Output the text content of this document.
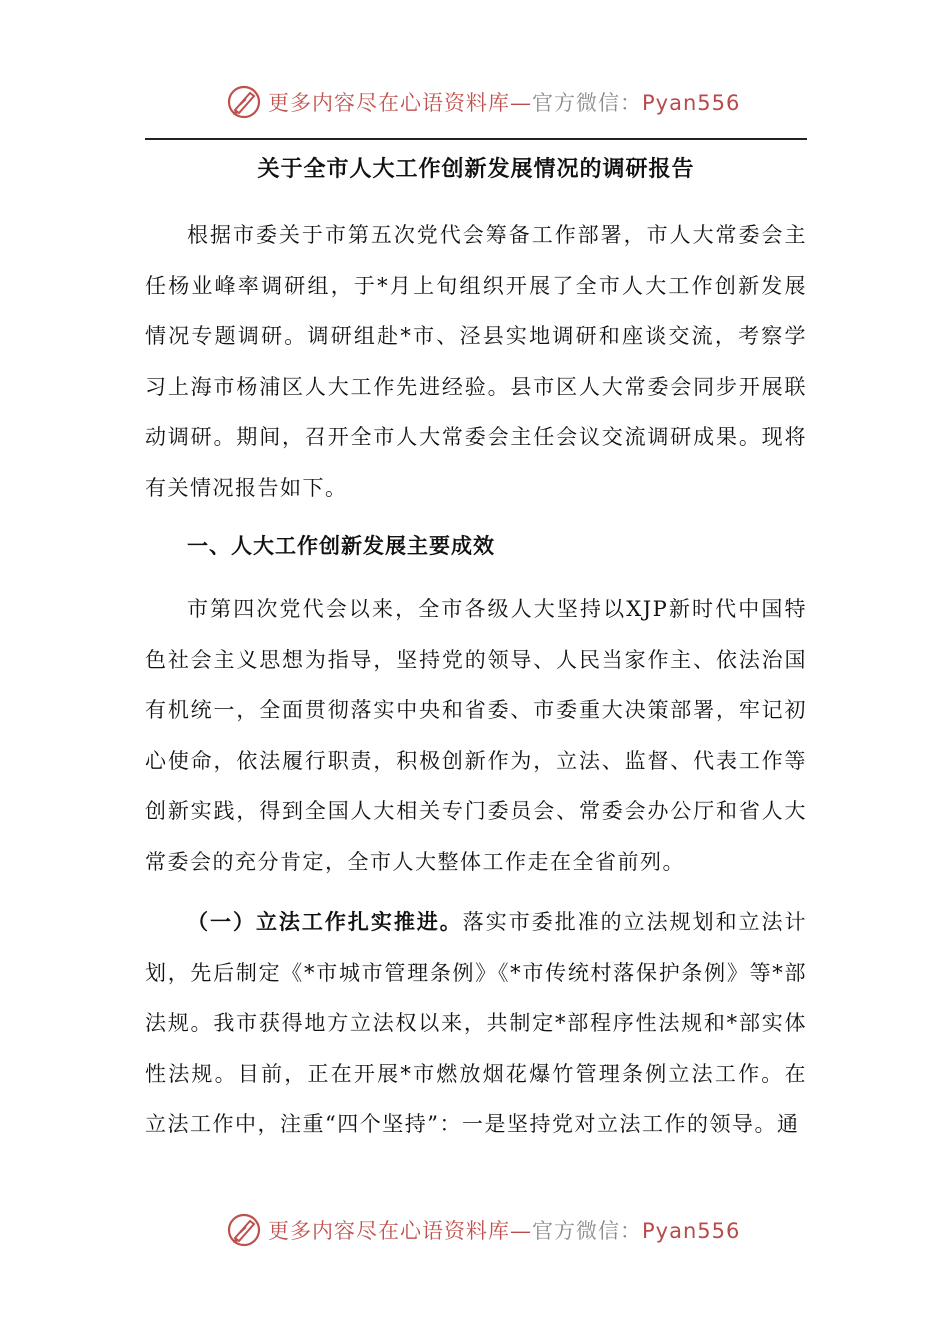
更多内容尽在心语资料库—官方微信：Pyan556
关于全市人大工作创新发展情况的调研报告

根据市委关于市第五次党代会筹备工作部署，市人大常委会主任杨业峰率调研组，于*月上旬组织开展了全市人大工作创新发展情况专题调研。调研组赴*市、泾县实地调研和座谈交流，考察学习上海市杨浦区人大工作先进经验。县市区人大常委会同步开展联动调研。期间，召开全市人大常委会主任会议交流调研成果。现将有关情况报告如下。

一、人大工作创新发展主要成效

市第四次党代会以来，全市各级人大坚持以XJP新时代中国特色社会主义思想为指导，坚持党的领导、人民当家作主、依法治国有机统一，全面贯彻落实中央和省委、市委重大决策部署，牢记初心使命，依法履行职责，积极创新作为，立法、监督、代表工作等创新实践，得到全国人大相关专门委员会、常委会办公厅和省人大常委会的充分肯定，全市人大整体工作走在全省前列。

（一）立法工作扎实推进。落实市委批准的立法规划和立法计划，先后制定《*市城市管理条例》《*市传统村落保护条例》等*部法规。我市获得地方立法权以来，共制定*部程序性法规和*部实体性法规。目前，正在开展*市燃放烟花爆竹管理条例立法工作。在立法工作中，注重“四个坚持”：一是坚持党对立法工作的领导。通

更多内容尽在心语资料库—官方微信：Pyan556
